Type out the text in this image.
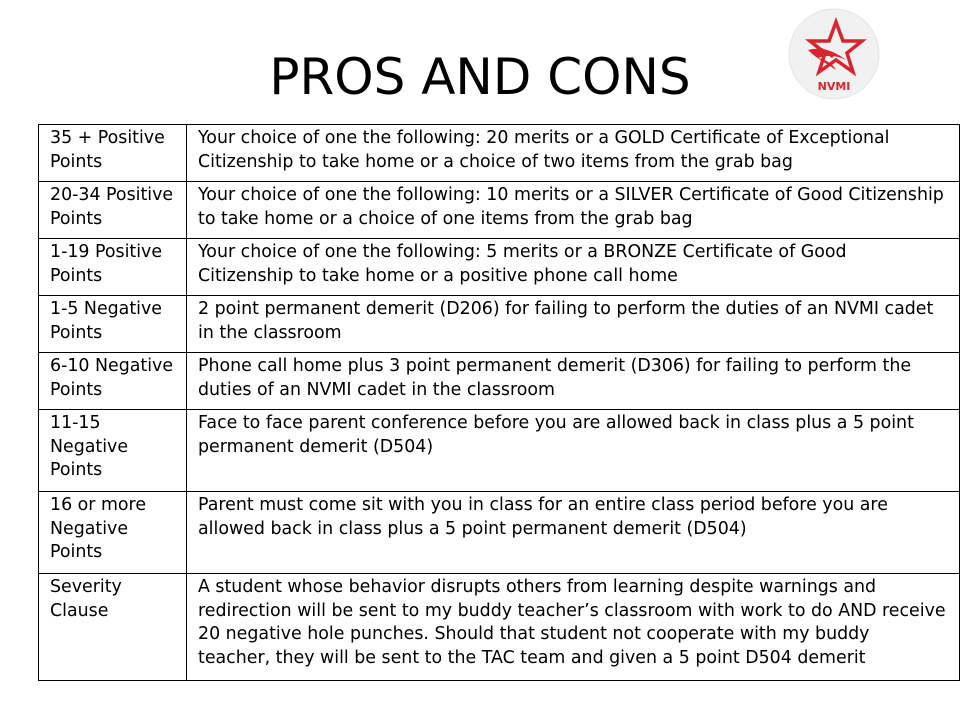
PROS AND CONS	NVMI
35 + Positive Points	Your choice of one the following: 20 merits or a GOLD Certificate of Exceptional Citizenship to take home or a choice of two items from the grab bag
20-34 Positive Points	Your choice of one the following: 10 merits or a SILVER Certificate of Good Citizenship to take home or a choice of one items from the grab bag
1-19 Positive Points	Your choice of one the following: 5 merits or a BRONZE Certificate of Good Citizenship to take home or a positive phone call home
1-5 Negative Points	2 point permanent demerit (D206) for failing to perform the duties of an NVMI cadet in the classroom
6-10 Negative Points	Phone call home plus 3 point permanent demerit (D306) for failing to perform the duties of an NVMI cadet in the classroom
11-15 Negative Points	Face to face parent conference before you are allowed back in class plus a 5 point permanent demerit (D504)
16 or more Negative Points	Parent must come sit with you in class for an entire class period before you are allowed back in class plus a 5 point permanent demerit (D504)
Severity Clause	A student whose behavior disrupts others from learning despite warnings and redirection will be sent to my buddy teacher’s classroom with work to do AND receive 20 negative hole punches. Should that student not cooperate with my buddy teacher, they will be sent to the TAC team and given a 5 point D504 demerit
